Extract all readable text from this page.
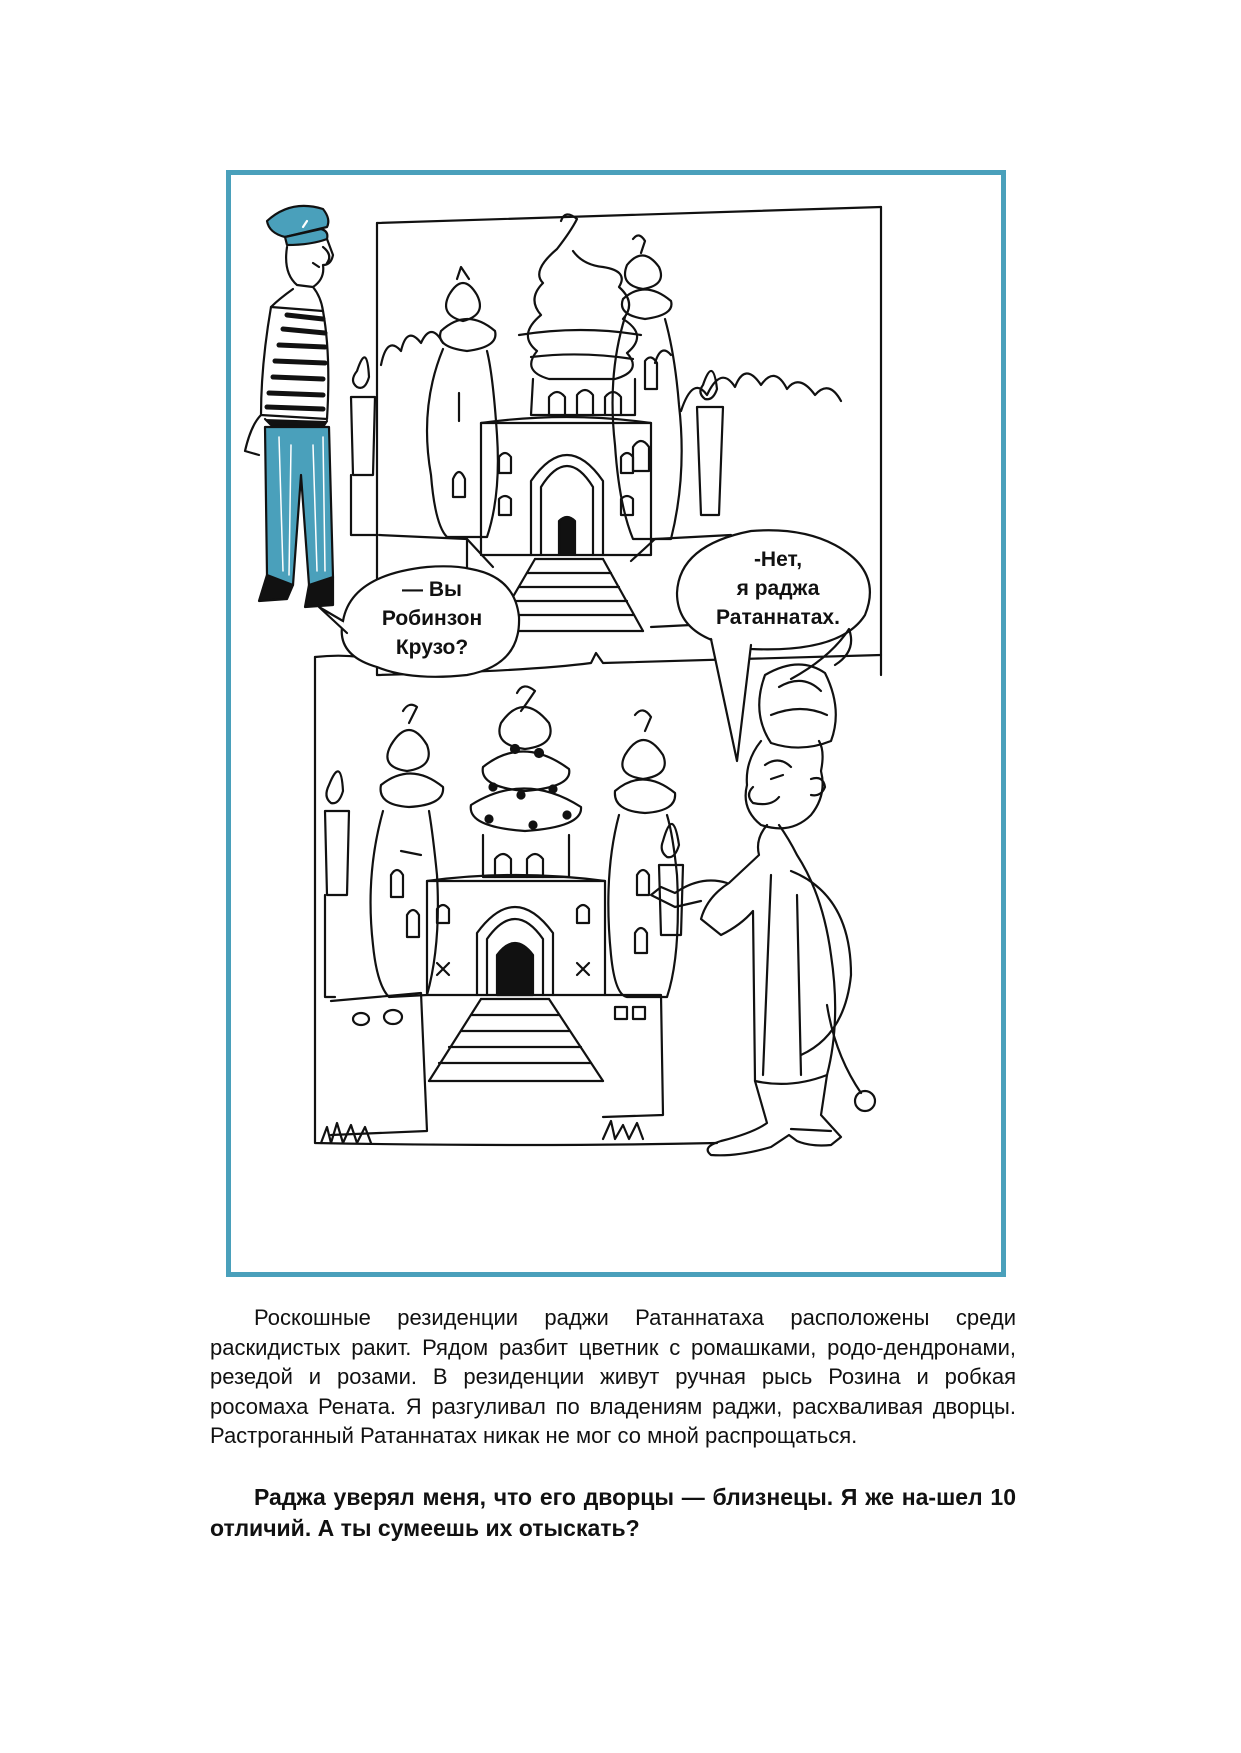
— Вы
Робинзон
Крузо?
-Нет,
я раджа
Ратаннатах.

Роскошные резиденции раджи Ратаннатаха расположены среди раскидистых ракит. Рядом разбит цветник с ромашками, родо-дендронами, резедой и розами. В резиденции живут ручная рысь Розина и робкая росомаха Рената. Я разгуливал по владениям раджи, расхваливая дворцы. Растроганный Ратаннатах никак не мог со мной распрощаться.

Раджа уверял меня, что его дворцы — близнецы. Я же на-шел 10 отличий. А ты сумеешь их отыскать?
